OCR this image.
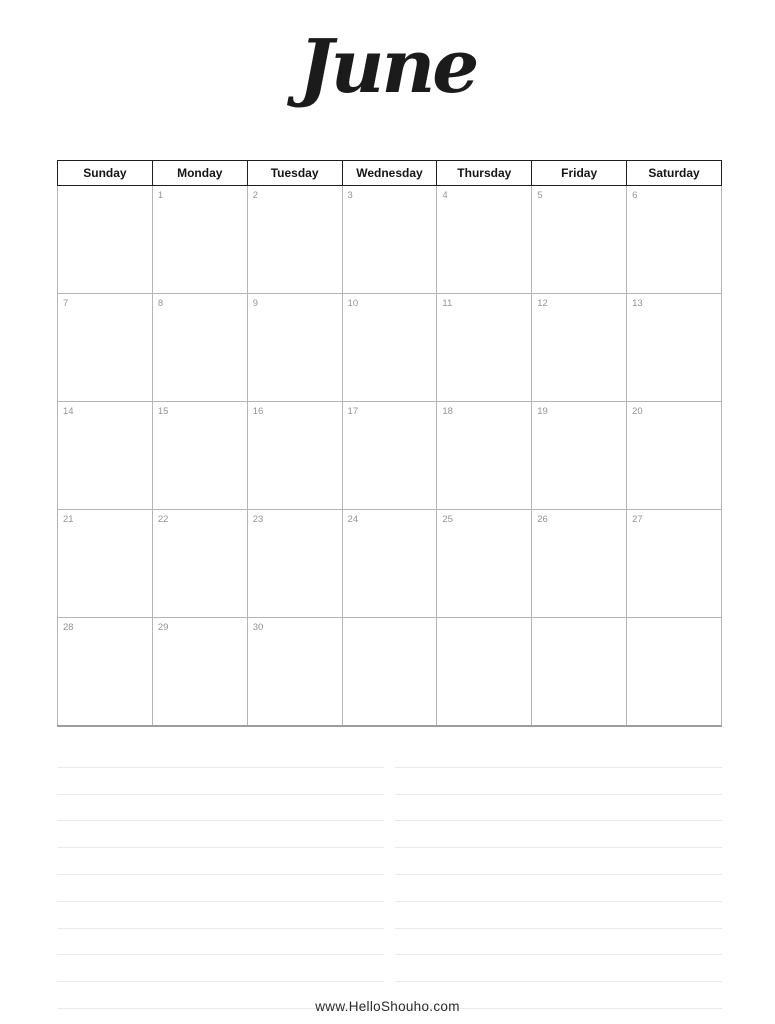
June
Sunday	Monday	Tuesday	Wednesday	Thursday	Friday	Saturday
	1	2	3	4	5	6
7	8	9	10	11	12	13
14	15	16	17	18	19	20
21	22	23	24	25	26	27
28	29	30				
www.HelloShouho.com
